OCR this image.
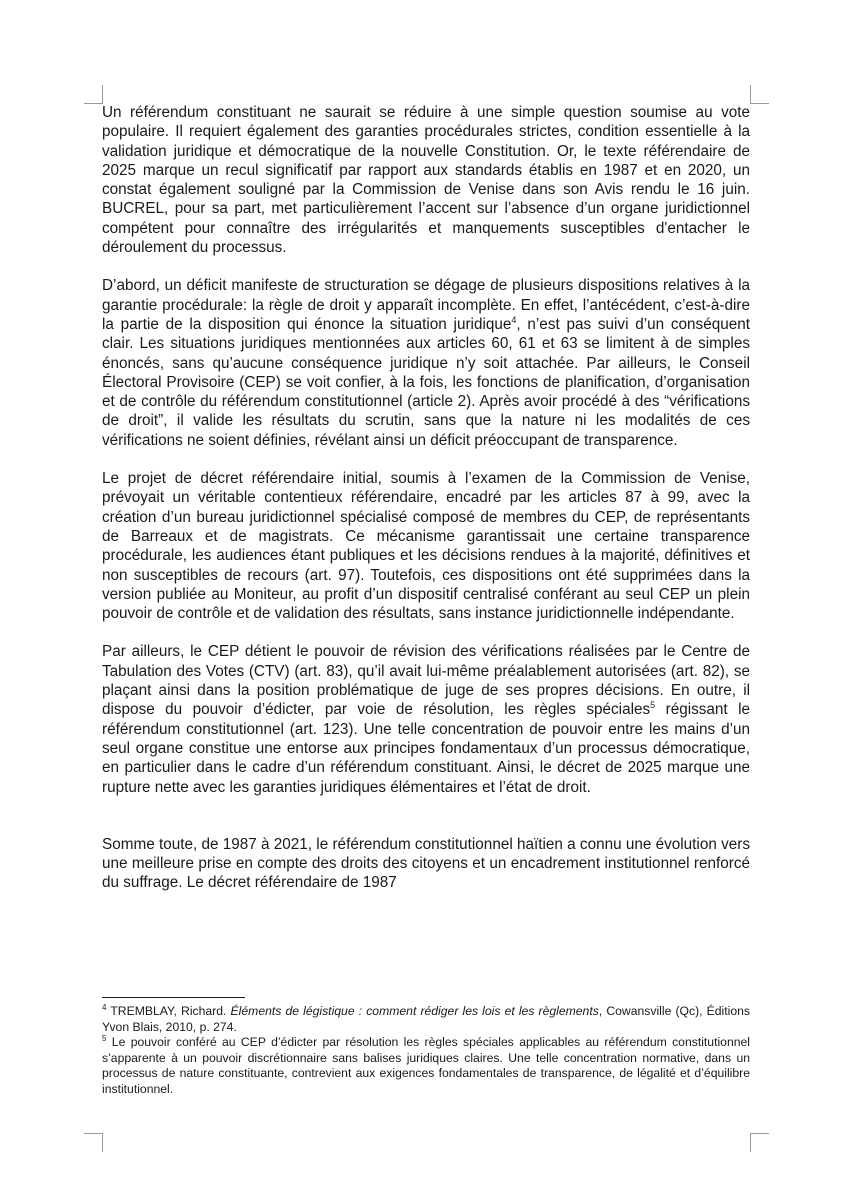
Un référendum constituant ne saurait se réduire à une simple question soumise au vote populaire. Il requiert également des garanties procédurales strictes, condition essentielle à la validation juridique et démocratique de la nouvelle Constitution. Or, le texte référendaire de 2025 marque un recul significatif par rapport aux standards établis en 1987 et en 2020, un constat également souligné par la Commission de Venise dans son Avis rendu le 16 juin. BUCREL, pour sa part, met particulièrement l’accent sur l’absence d’un organe juridictionnel compétent pour connaître des irrégularités et manquements susceptibles d'entacher le déroulement du processus.

D’abord, un déficit manifeste de structuration se dégage de plusieurs dispositions relatives à la garantie procédurale: la règle de droit y apparaît incomplète. En effet, l’antécédent, c’est-à-dire la partie de la disposition qui énonce la situation juridique$^4$, n’est pas suivi d’un conséquent clair. Les situations juridiques mentionnées aux articles 60, 61 et 63 se limitent à de simples énoncés, sans qu’aucune conséquence juridique n’y soit attachée. Par ailleurs, le Conseil Électoral Provisoire (CEP) se voit confier, à la fois, les fonctions de planification, d’organisation et de contrôle du référendum constitutionnel (article 2). Après avoir procédé à des “vérifications de droit”, il valide les résultats du scrutin, sans que la nature ni les modalités de ces vérifications ne soient définies, révélant ainsi un déficit préoccupant de transparence.

Le projet de décret référendaire initial, soumis à l’examen de la Commission de Venise, prévoyait un véritable contentieux référendaire, encadré par les articles 87 à 99, avec la création d’un bureau juridictionnel spécialisé composé de membres du CEP, de représentants de Barreaux et de magistrats. Ce mécanisme garantissait une certaine transparence procédurale, les audiences étant publiques et les décisions rendues à la majorité, définitives et non susceptibles de recours (art. 97). Toutefois, ces dispositions ont été supprimées dans la version publiée au Moniteur, au profit d’un dispositif centralisé conférant au seul CEP un plein pouvoir de contrôle et de validation des résultats, sans instance juridictionnelle indépendante.

Par ailleurs, le CEP détient le pouvoir de révision des vérifications réalisées par le Centre de Tabulation des Votes (CTV) (art. 83), qu’il avait lui-même préalablement autorisées (art. 82), se plaçant ainsi dans la position problématique de juge de ses propres décisions. En outre, il dispose du pouvoir d’édicter, par voie de résolution, les règles spéciales$^5$ régissant le référendum constitutionnel (art. 123). Une telle concentration de pouvoir entre les mains d’un seul organe constitue une entorse aux principes fondamentaux d’un processus démocratique, en particulier dans le cadre d’un référendum constituant. Ainsi, le décret de 2025 marque une rupture nette avec les garanties juridiques élémentaires et l’état de droit.

Somme toute, de 1987 à 2021, le référendum constitutionnel haïtien a connu une évolution vers une meilleure prise en compte des droits des citoyens et un encadrement institutionnel renforcé du suffrage. Le décret référendaire de 1987

$^4$ TREMBLAY, Richard. Éléments de légistique : comment rédiger les lois et les règlements, Cowansville (Qc), Éditions Yvon Blais, 2010, p. 274.

$^5$ Le pouvoir conféré au CEP d’édicter par résolution les règles spéciales applicables au référendum constitutionnel s’apparente à un pouvoir discrétionnaire sans balises juridiques claires. Une telle concentration normative, dans un processus de nature constituante, contrevient aux exigences fondamentales de transparence, de légalité et d’équilibre institutionnel.
